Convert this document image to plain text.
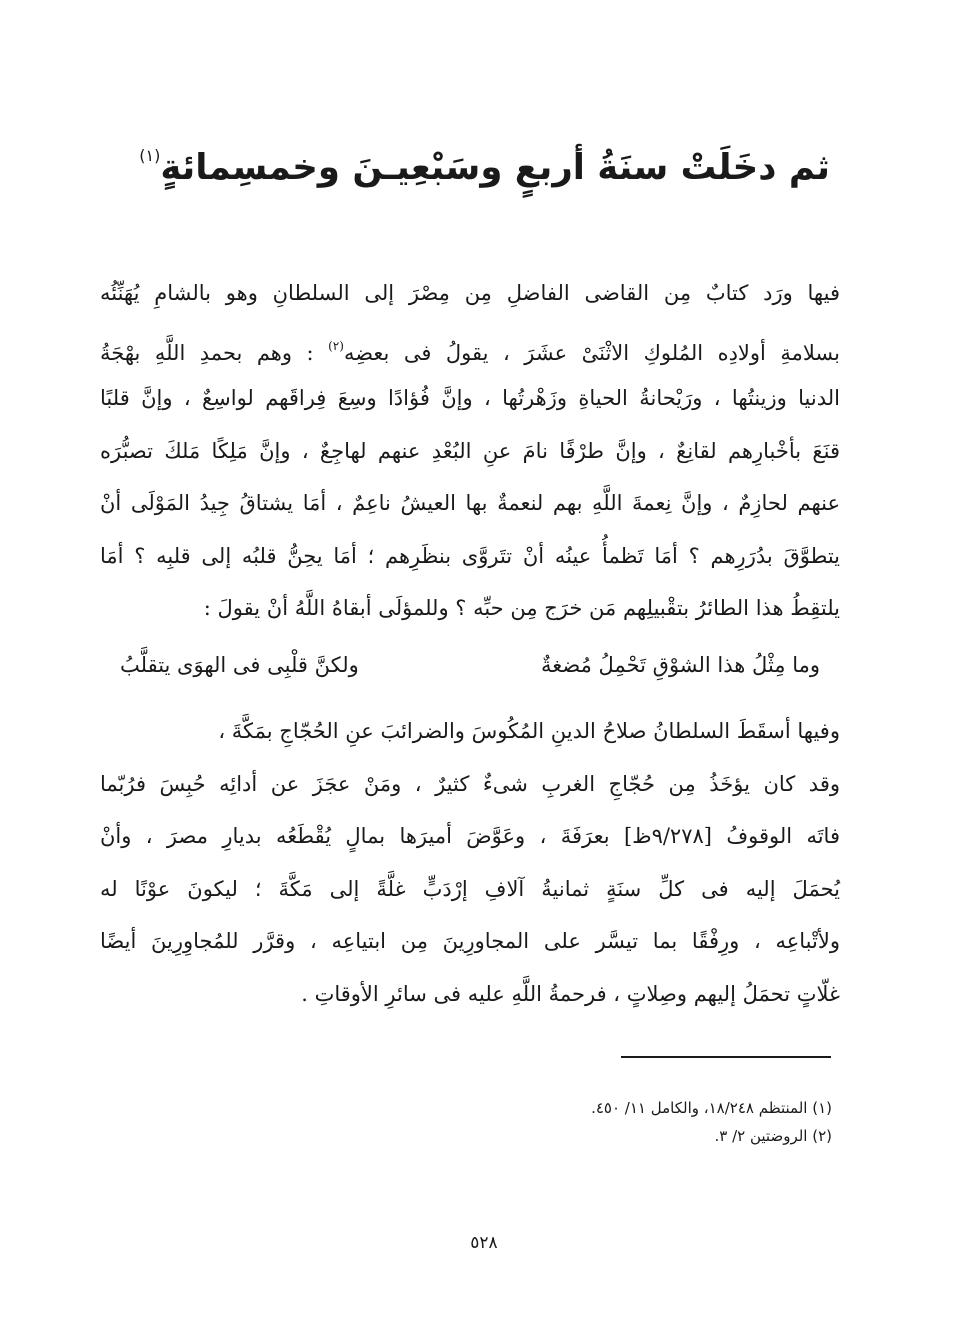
ثم دخَلَتْ سنَةُ أربعٍ وسَبْعِيـنَ وخمسِمائةٍ$^{(١)}$

فيها ورَد كتابٌ مِن القاضى الفاضلِ مِن مِصْرَ إلى السلطانِ وهو بالشامِ يُهَنِّئُه
بسلامةِ أولادِه المُلوكِ الاثْنَىْ عشَرَ ، يقولُ فى بعضِه$^{(٢)}$ : وهم بحمدِ اللَّهِ بهْجَةُ
الدنيا وزينتُها ، ورَيْحانةُ الحياةِ وزَهْرتُها ، وإنَّ فُؤادًا وسِعَ فِراقَهم لواسِعٌ ، وإنَّ قلبًا
قنَعَ بأخْبارِهم لقانِعٌ ، وإنَّ طرْفًا نامَ عنِ البُعْدِ عنهم لهاجِعٌ ، وإنَّ مَلِكًا مَلكَ تصبُّرَه
عنهم لحازِمٌ ، وإنَّ نِعمةَ اللَّهِ بهم لنعمةٌ بها العيشُ ناعِمٌ ، أمَا يشتاقُ جِيدُ المَوْلَى أنْ
يتطوَّقَ بدُرَرِهم ؟ أمَا تَظمأُ عينُه أنْ تتَروَّى بنظَرِهم ؛ أمَا يحِنُّ قلبُه إلى قلبِه ؟ أمَا
يلتقِطُ هذا الطائرُ بتقْبيلِهم مَن خرَج مِن حبِّه ؟ وللمؤلَى أبقاهُ اللَّهُ أنْ يقولَ :

وما مِثْلُ هذا الشوْقِ تَحْمِلُ مُضغةٌ
ولكنَّ قلْبِى فى الهوَى يتقلَّبُ

وفيها أسقَطَ السلطانُ صلاحُ الدينِ المُكُوسَ والضرائبَ عنِ الحُجّاجِ بمَكَّةَ ،
وقد كان يؤخَذُ مِن حُجّاجِ الغربِ شىءٌ كثيرٌ ، ومَنْ عجَزَ عن أدائِه حُبِسَ فرُبّما
فاتَه الوقوفُ [٩/٢٧٨ظ] بعرَفَةَ ، وعَوَّضَ أميرَها بمالٍ يُقْطَعُه بديارِ مصرَ ، وأنْ
يُحمَلَ إليه فى كلِّ سنَةٍ ثمانيةُ آلافِ إرْدَبٍّ غلَّةً إلى مَكَّةَ ؛ ليكونَ عوْنًا له
ولأتْباعِه ، ورِفْقًا بما تيسَّر على المجاورِينَ مِن ابتياعِه ، وقرَّر للمُجاوِرِينَ أيضًا
غلّاتٍ تحمَلُ إليهم وصِلاتٍ ، فرحمةُ اللَّهِ عليه فى سائرِ الأوقاتِ .

(١) المنتظم ١٨/٢٤٨، والكامل ١١/ ٤٥٠.
(٢) الروضتين ٢/ ٣.
٥٢٨
